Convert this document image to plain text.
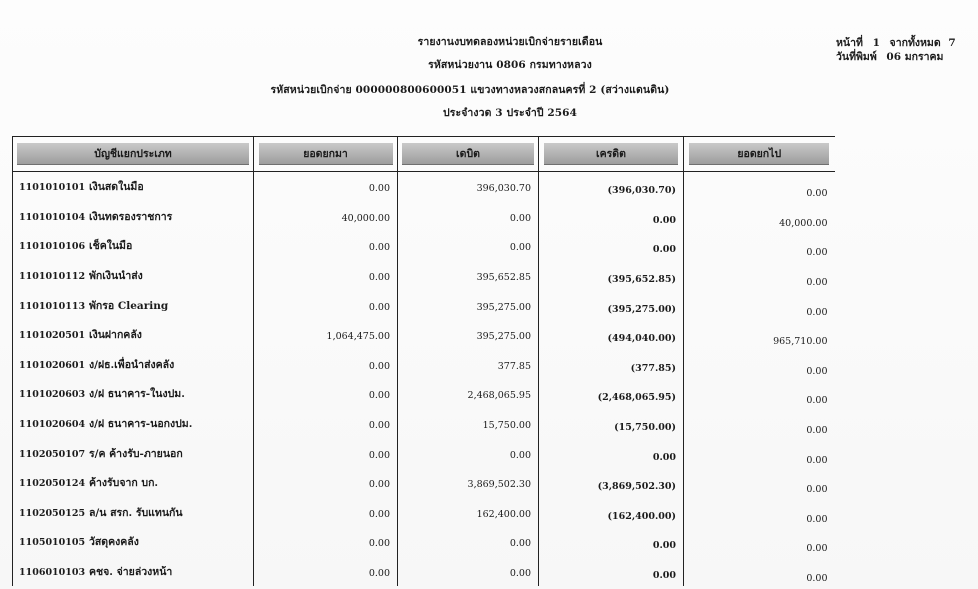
รายงานงบทดลองหน่วยเบิกจ่ายรายเดือน
รหัสหน่วยงาน 0806 กรมทางหลวง
รหัสหน่วยเบิกจ่าย 000000800600051 แขวงทางหลวงสกลนครที่ 2 (สว่างแดนดิน)
ประจำงวด 3 ประจำปี 2564
หน้าที่ 1 จากทั้งหมด 7
วันที่พิมพ์ 06 มกราคม
บัญชีแยกประเภท	ยอดยกมา	เดบิต	เครดิต	ยอดยกไป

1101010101 เงินสดในมือ	0.00	396,030.70	(396,030.70)	0.00
1101010104 เงินทดรองราชการ	40,000.00	0.00	0.00	40,000.00
1101010106 เช็คในมือ	0.00	0.00	0.00	0.00
1101010112 พักเงินนำส่ง	0.00	395,652.85	(395,652.85)	0.00
1101010113 พักรอ Clearing	0.00	395,275.00	(395,275.00)	0.00
1101020501 เงินฝากคลัง	1,064,475.00	395,275.00	(494,040.00)	965,710.00
1101020601 ง/ฝธ.เพื่อนำส่งคลัง	0.00	377.85	(377.85)	0.00
1101020603 ง/ฝ ธนาคาร-ในงปม.	0.00	2,468,065.95	(2,468,065.95)	0.00
1101020604 ง/ฝ ธนาคาร-นอกงปม.	0.00	15,750.00	(15,750.00)	0.00
1102050107 ร/ค ค้างรับ-ภายนอก	0.00	0.00	0.00	0.00
1102050124 ค้างรับจาก บก.	0.00	3,869,502.30	(3,869,502.30)	0.00
1102050125 ล/น สรก. รับแทนกัน	0.00	162,400.00	(162,400.00)	0.00
1105010105 วัสดุคงคลัง	0.00	0.00	0.00	0.00
1106010103 คชจ. จ่ายล่วงหน้า	0.00	0.00	0.00	0.00
